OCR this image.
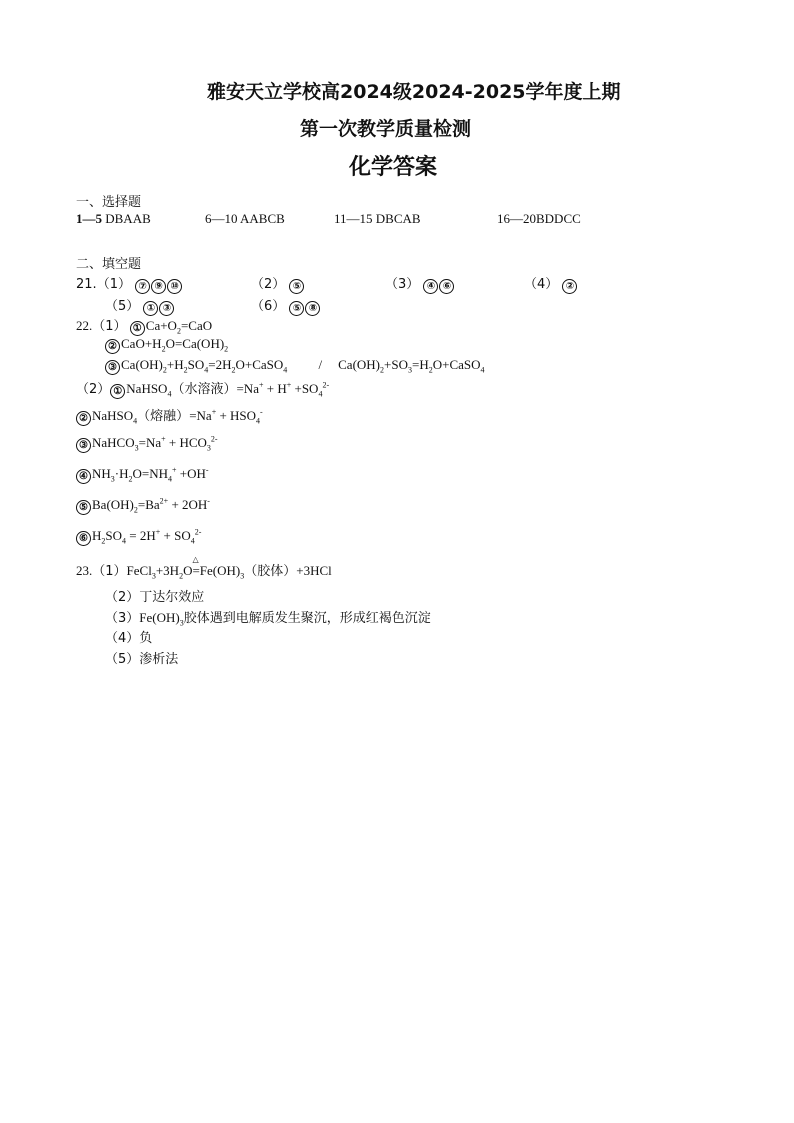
雅安天立学校高2024级2024-2025学年度上期
第一次教学质量检测
化学答案
一、选择题
1—5 DBAAB	6—10 AABCB	11—15 DBCAB	16—20BDDCC
二、填空题
21.（1） ⑦ ⑨ ⑩	（2） ⑤	（3） ④ ⑥	（4） ②
（5） ① ③	（6） ⑤ ⑧
22.（1） ① $Ca+O_2=CaO$
② $CaO+H_2O=Ca(OH)_2$
③ $Ca(OH)_2+H_2SO_4=2H_2O+CaSO_4$ / $Ca(OH)_2+SO_3=H_2O+CaSO_4$
（2） ① NaHSO$_4$（水溶液）$=Na^+ + H^+ +SO_4^{2-}$
② NaHSO$_4$（熔融）$=Na^+ + HSO_4^-$
③ NaHCO$_3$=Na+ + $HCO_3^{2-}$
④ $NH_3\cdot H_2O=NH_4^+ +OH^-$
⑤ $Ba(OH)_2=Ba^{2+} + 2OH^-$
⑥ $H_2SO_4 = 2H^+ + SO_4^{2-}$
$23.(1)FeCl_3+3H_2O$
△
$=Fe(OH)_3$（胶体）+3HCl
（2）丁达尔效应
$(3)Fe(OH)_3$胶体遇到电解质发生聚沉，形成红褐色沉淀
（4）负
（5）渗析法
